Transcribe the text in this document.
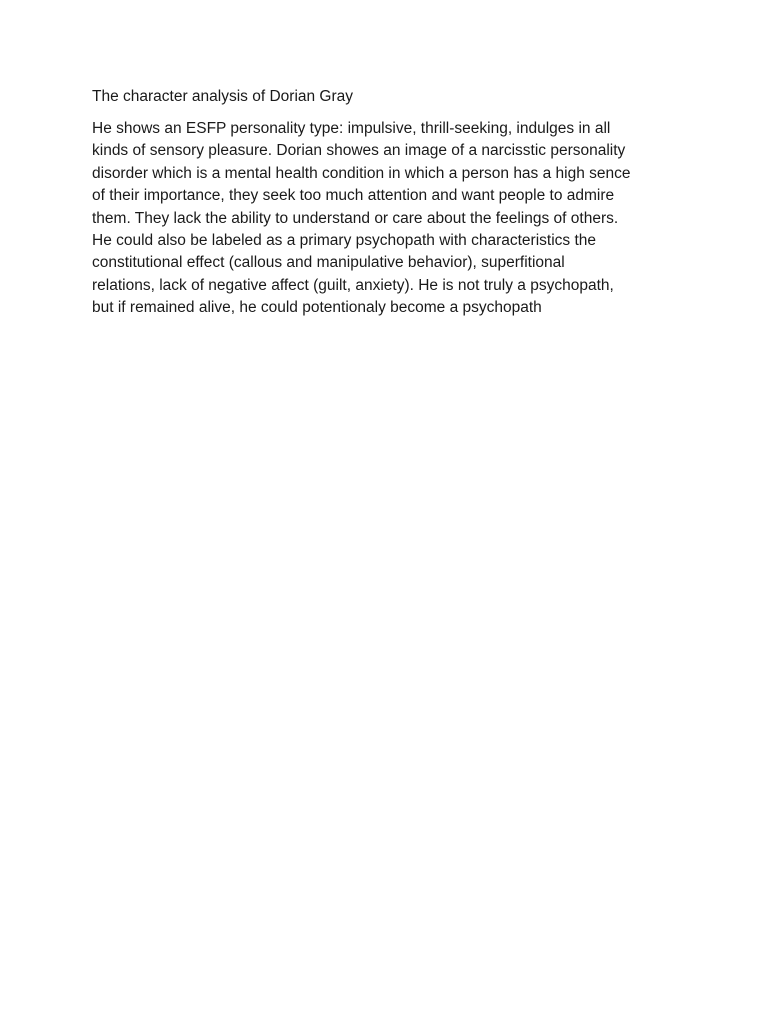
The character analysis of Dorian Gray
He shows an ESFP personality type: impulsive, thrill-seeking, indulges in all
kinds of sensory pleasure. Dorian showes an image of a narcisstic personality
disorder which is a mental health condition in which a person has a high sence
of their importance, they seek too much attention and want people to admire
them. They lack the ability to understand or care about the feelings of others.
He could also be labeled as a primary psychopath with characteristics the
constitutional effect (callous and manipulative behavior), superfitional
relations, lack of negative affect (guilt, anxiety). He is not truly a psychopath,
but if remained alive, he could potentionaly become a psychopath
